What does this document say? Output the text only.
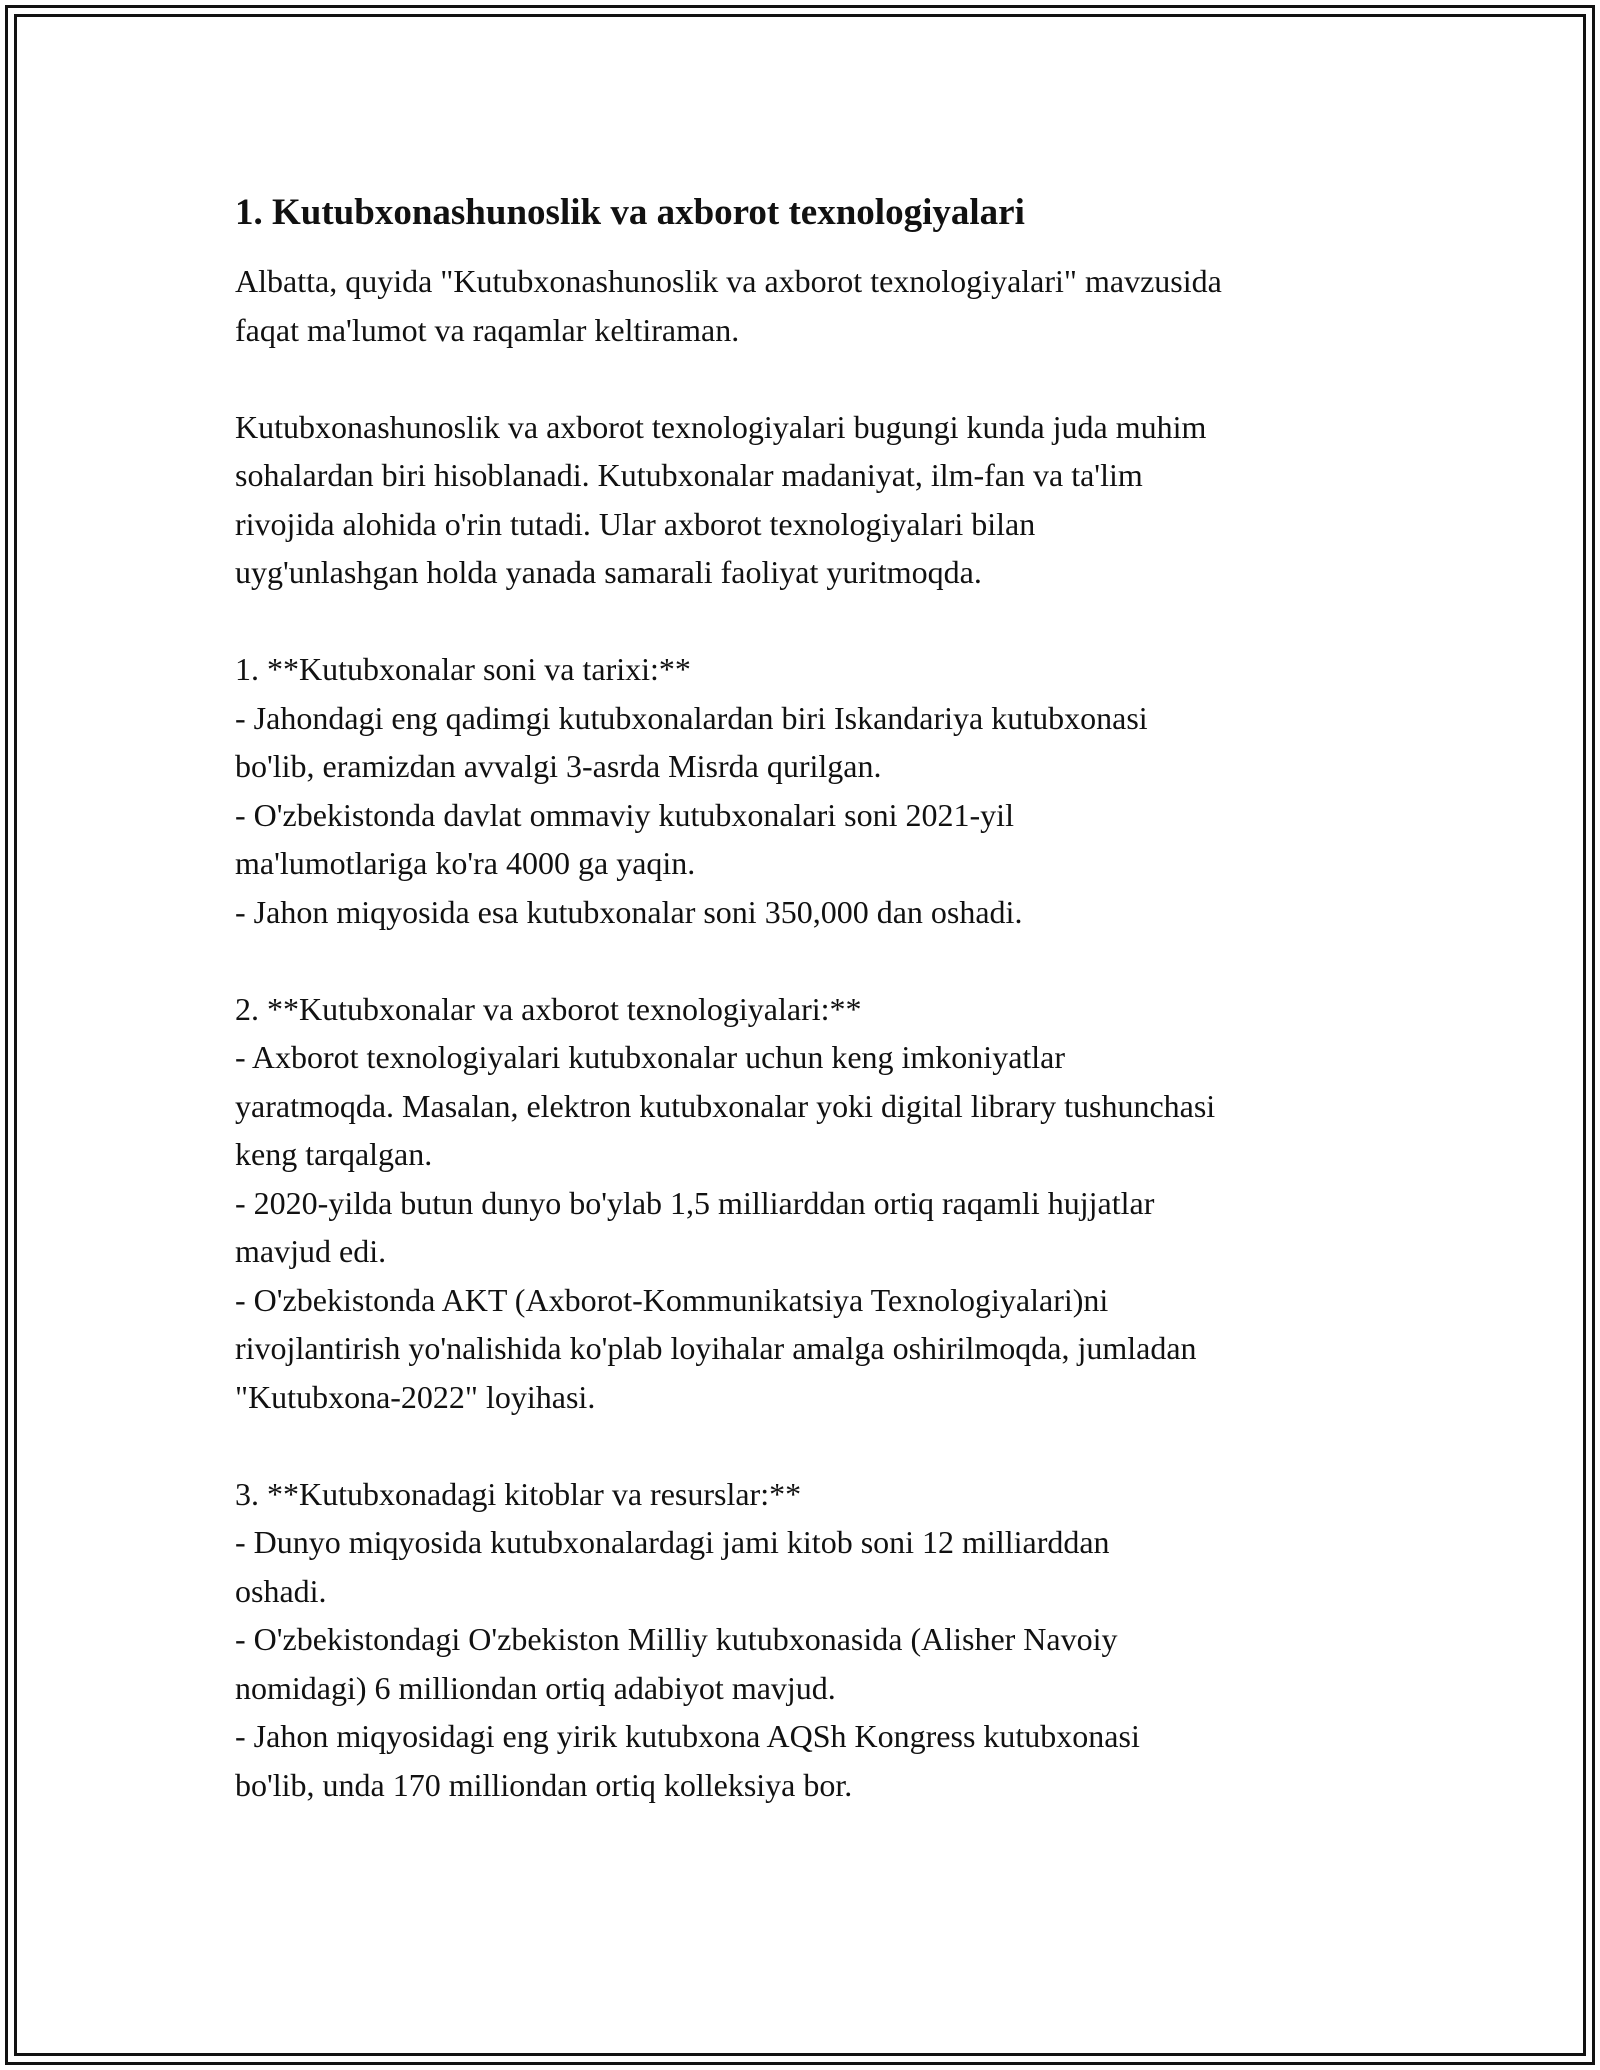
1. Kutubxonashunoslik va axborot texnologiyalari
Albatta, quyida "Kutubxonashunoslik va axborot texnologiyalari" mavzusida
faqat ma'lumot va raqamlar keltiraman.

Kutubxonashunoslik va axborot texnologiyalari bugungi kunda juda muhim
sohalardan biri hisoblanadi. Kutubxonalar madaniyat, ilm-fan va ta'lim
rivojida alohida o'rin tutadi. Ular axborot texnologiyalari bilan
uyg'unlashgan holda yanada samarali faoliyat yuritmoqda.

1. **Kutubxonalar soni va tarixi:**
- Jahondagi eng qadimgi kutubxonalardan biri Iskandariya kutubxonasi
bo'lib, eramizdan avvalgi 3-asrda Misrda qurilgan.
- O'zbekistonda davlat ommaviy kutubxonalari soni 2021-yil
ma'lumotlariga ko'ra 4000 ga yaqin.
- Jahon miqyosida esa kutubxonalar soni 350,000 dan oshadi.

2. **Kutubxonalar va axborot texnologiyalari:**
- Axborot texnologiyalari kutubxonalar uchun keng imkoniyatlar
yaratmoqda. Masalan, elektron kutubxonalar yoki digital library tushunchasi
keng tarqalgan.
- 2020-yilda butun dunyo bo'ylab 1,5 milliarddan ortiq raqamli hujjatlar
mavjud edi.
- O'zbekistonda AKT (Axborot-Kommunikatsiya Texnologiyalari)ni
rivojlantirish yo'nalishida ko'plab loyihalar amalga oshirilmoqda, jumladan
"Kutubxona-2022" loyihasi.

3. **Kutubxonadagi kitoblar va resurslar:**
- Dunyo miqyosida kutubxonalardagi jami kitob soni 12 milliarddan
oshadi.
- O'zbekistondagi O'zbekiston Milliy kutubxonasida (Alisher Navoiy
nomidagi) 6 milliondan ortiq adabiyot mavjud.
- Jahon miqyosidagi eng yirik kutubxona AQSh Kongress kutubxonasi
bo'lib, unda 170 milliondan ortiq kolleksiya bor.
